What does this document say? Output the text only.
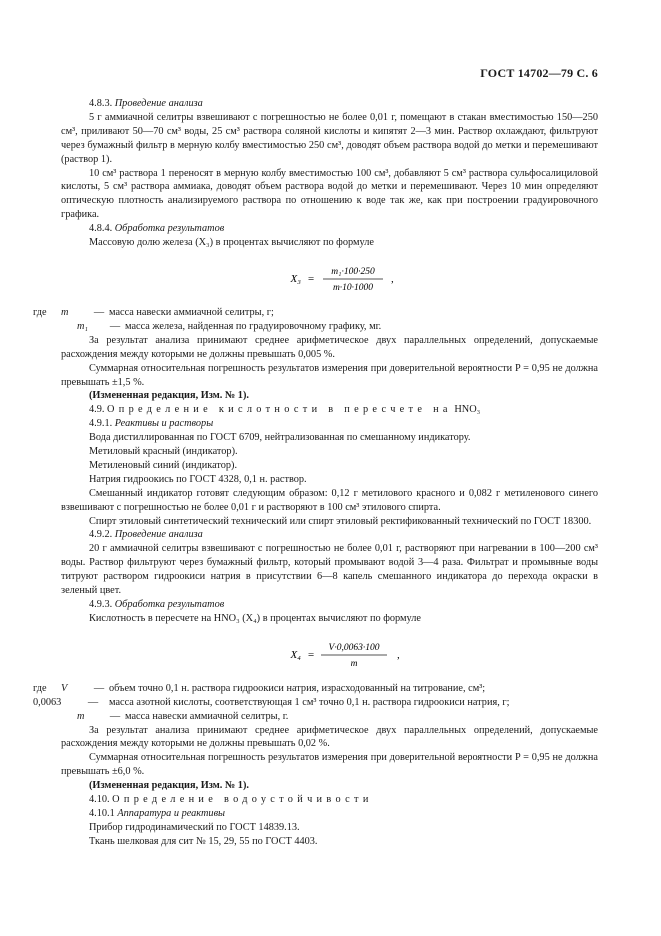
ГОСТ 14702—79 С. 6

4.8.3. Проведение анализа

5 г аммиачной селитры взвешивают с погрешностью не более 0,01 г, помещают в стакан вместимостью 150—250 см³, приливают 50—70 см³ воды, 25 см³ раствора соляной кислоты и кипятят 2—3 мин. Раствор охлаждают, фильтруют через бумажный фильтр в мерную колбу вместимостью 250 см³, доводят объем раствора водой до метки и перемешивают (раствор 1).

10 см³ раствора 1 переносят в мерную колбу вместимостью 100 см³, добавляют 5 см³ раствора сульфосалициловой кислоты, 5 см³ раствора аммиака, доводят объем раствора водой до метки и перемешивают. Через 10 мин определяют оптическую плотность анализируемого раствора по отношению к воде так же, как при построении градуировочного графика.

4.8.4. Обработка результатов

Массовую долю железа (X₃) в процентах вычисляют по формуле

X₃ =
m₁·100·250
m·10·1000
,
где	m	— масса навески аммиачной селитры, г;
m₁	— масса железа, найденная по градуировочному графику, мг.

За результат анализа принимают среднее арифметическое двух параллельных определений, допускаемые расхождения между которыми не должны превышать 0,005 %.

Суммарная относительная погрешность результатов измерения при доверительной вероятности P = 0,95 не должна превышать ±1,5 %.

(Измененная редакция, Изм. № 1).

4.9. Определение кислотности в пересчете на HNO₃

4.9.1. Реактивы и растворы

Вода дистиллированная по ГОСТ 6709, нейтрализованная по смешанному индикатору.

Метиловый красный (индикатор).

Метиленовый синий (индикатор).

Натрия гидроокись по ГОСТ 4328, 0,1 н. раствор.

Смешанный индикатор готовят следующим образом: 0,12 г метилового красного и 0,082 г метиленового синего взвешивают с погрешностью не более 0,01 г и растворяют в 100 см³ этилового спирта.

Спирт этиловый синтетический технический или спирт этиловый ректификованный технический по ГОСТ 18300.

4.9.2. Проведение анализа

20 г аммиачной селитры взвешивают с погрешностью не более 0,01 г, растворяют при нагревании в 100—200 см³ воды. Раствор фильтруют через бумажный фильтр, который промывают водой 3—4 раза. Фильтрат и промывные воды титруют раствором гидроокиси натрия в присутствии 6—8 капель смешанного индикатора до перехода окраски в зеленый цвет.

4.9.3. Обработка результатов

Кислотность в пересчете на HNO₃ (X₄) в процентах вычисляют по формуле

X₄ =
V·0,0063·100
m
,
где	V	— объем точно 0,1 н. раствора гидроокиси натрия, израсходованный на титрование, см³;
0,0063	—	масса азотной кислоты, соответствующая 1 см³ точно 0,1 н. раствора гидроокиси натрия, г;
m	— масса навески аммиачной селитры, г.

За результат анализа принимают среднее арифметическое двух параллельных определений, допускаемые расхождения между которыми не должны превышать 0,02 %.

Суммарная относительная погрешность результатов измерения при доверительной вероятности P = 0,95 не должна превышать ±6,0 %.

(Измененная редакция, Изм. № 1).

4.10. Определение водоустойчивости

4.10.1 Аппаратура и реактивы

Прибор гидродинамический по ГОСТ 14839.13.

Ткань шелковая для сит № 15, 29, 55 по ГОСТ 4403.
